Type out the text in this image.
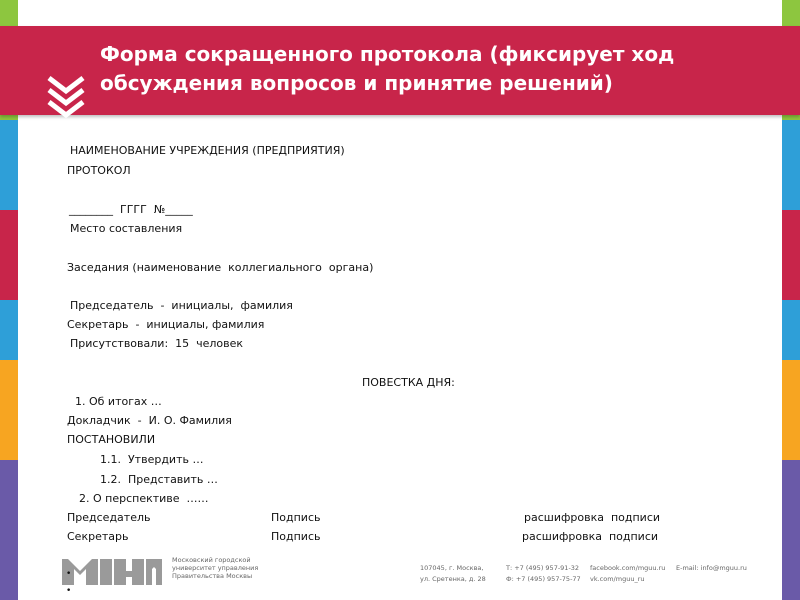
Форма сокращенного протокола (фиксирует ход
обсуждения вопросов и принятие решений)
НАИМЕНОВАНИЕ УЧРЕЖДЕНИЯ (ПРЕДПРИЯТИЯ)
ПРОТОКОЛ
________  ГГГГ  №_____
Место составления
Заседания (наименование  коллегиального  органа)
Председатель  -  инициалы,  фамилия
Секретарь  -  инициалы, фамилия
Присутствовали:  15  человек
ПОВЕСТКА ДНЯ:
1. Об итогах …
Докладчик  -  И. О. Фамилия
ПОСТАНОВИЛИ
1.1.  Утвердить …
1.2.  Представить …
2. О перспективе  ……
Председатель	Подпись	расшифровка  подписи
Секретарь	Подпись	расшифровка  подписи
Московский городской университет управления Правительства Москвы
107045, г. Москва,
ул. Сретенка, д. 28
Т: +7 (495) 957-91-32
Ф: +7 (495) 957-75-77
facebook.com/mguu.ru
vk.com/mguu_ru
E-mail: info@mguu.ru
•
•
